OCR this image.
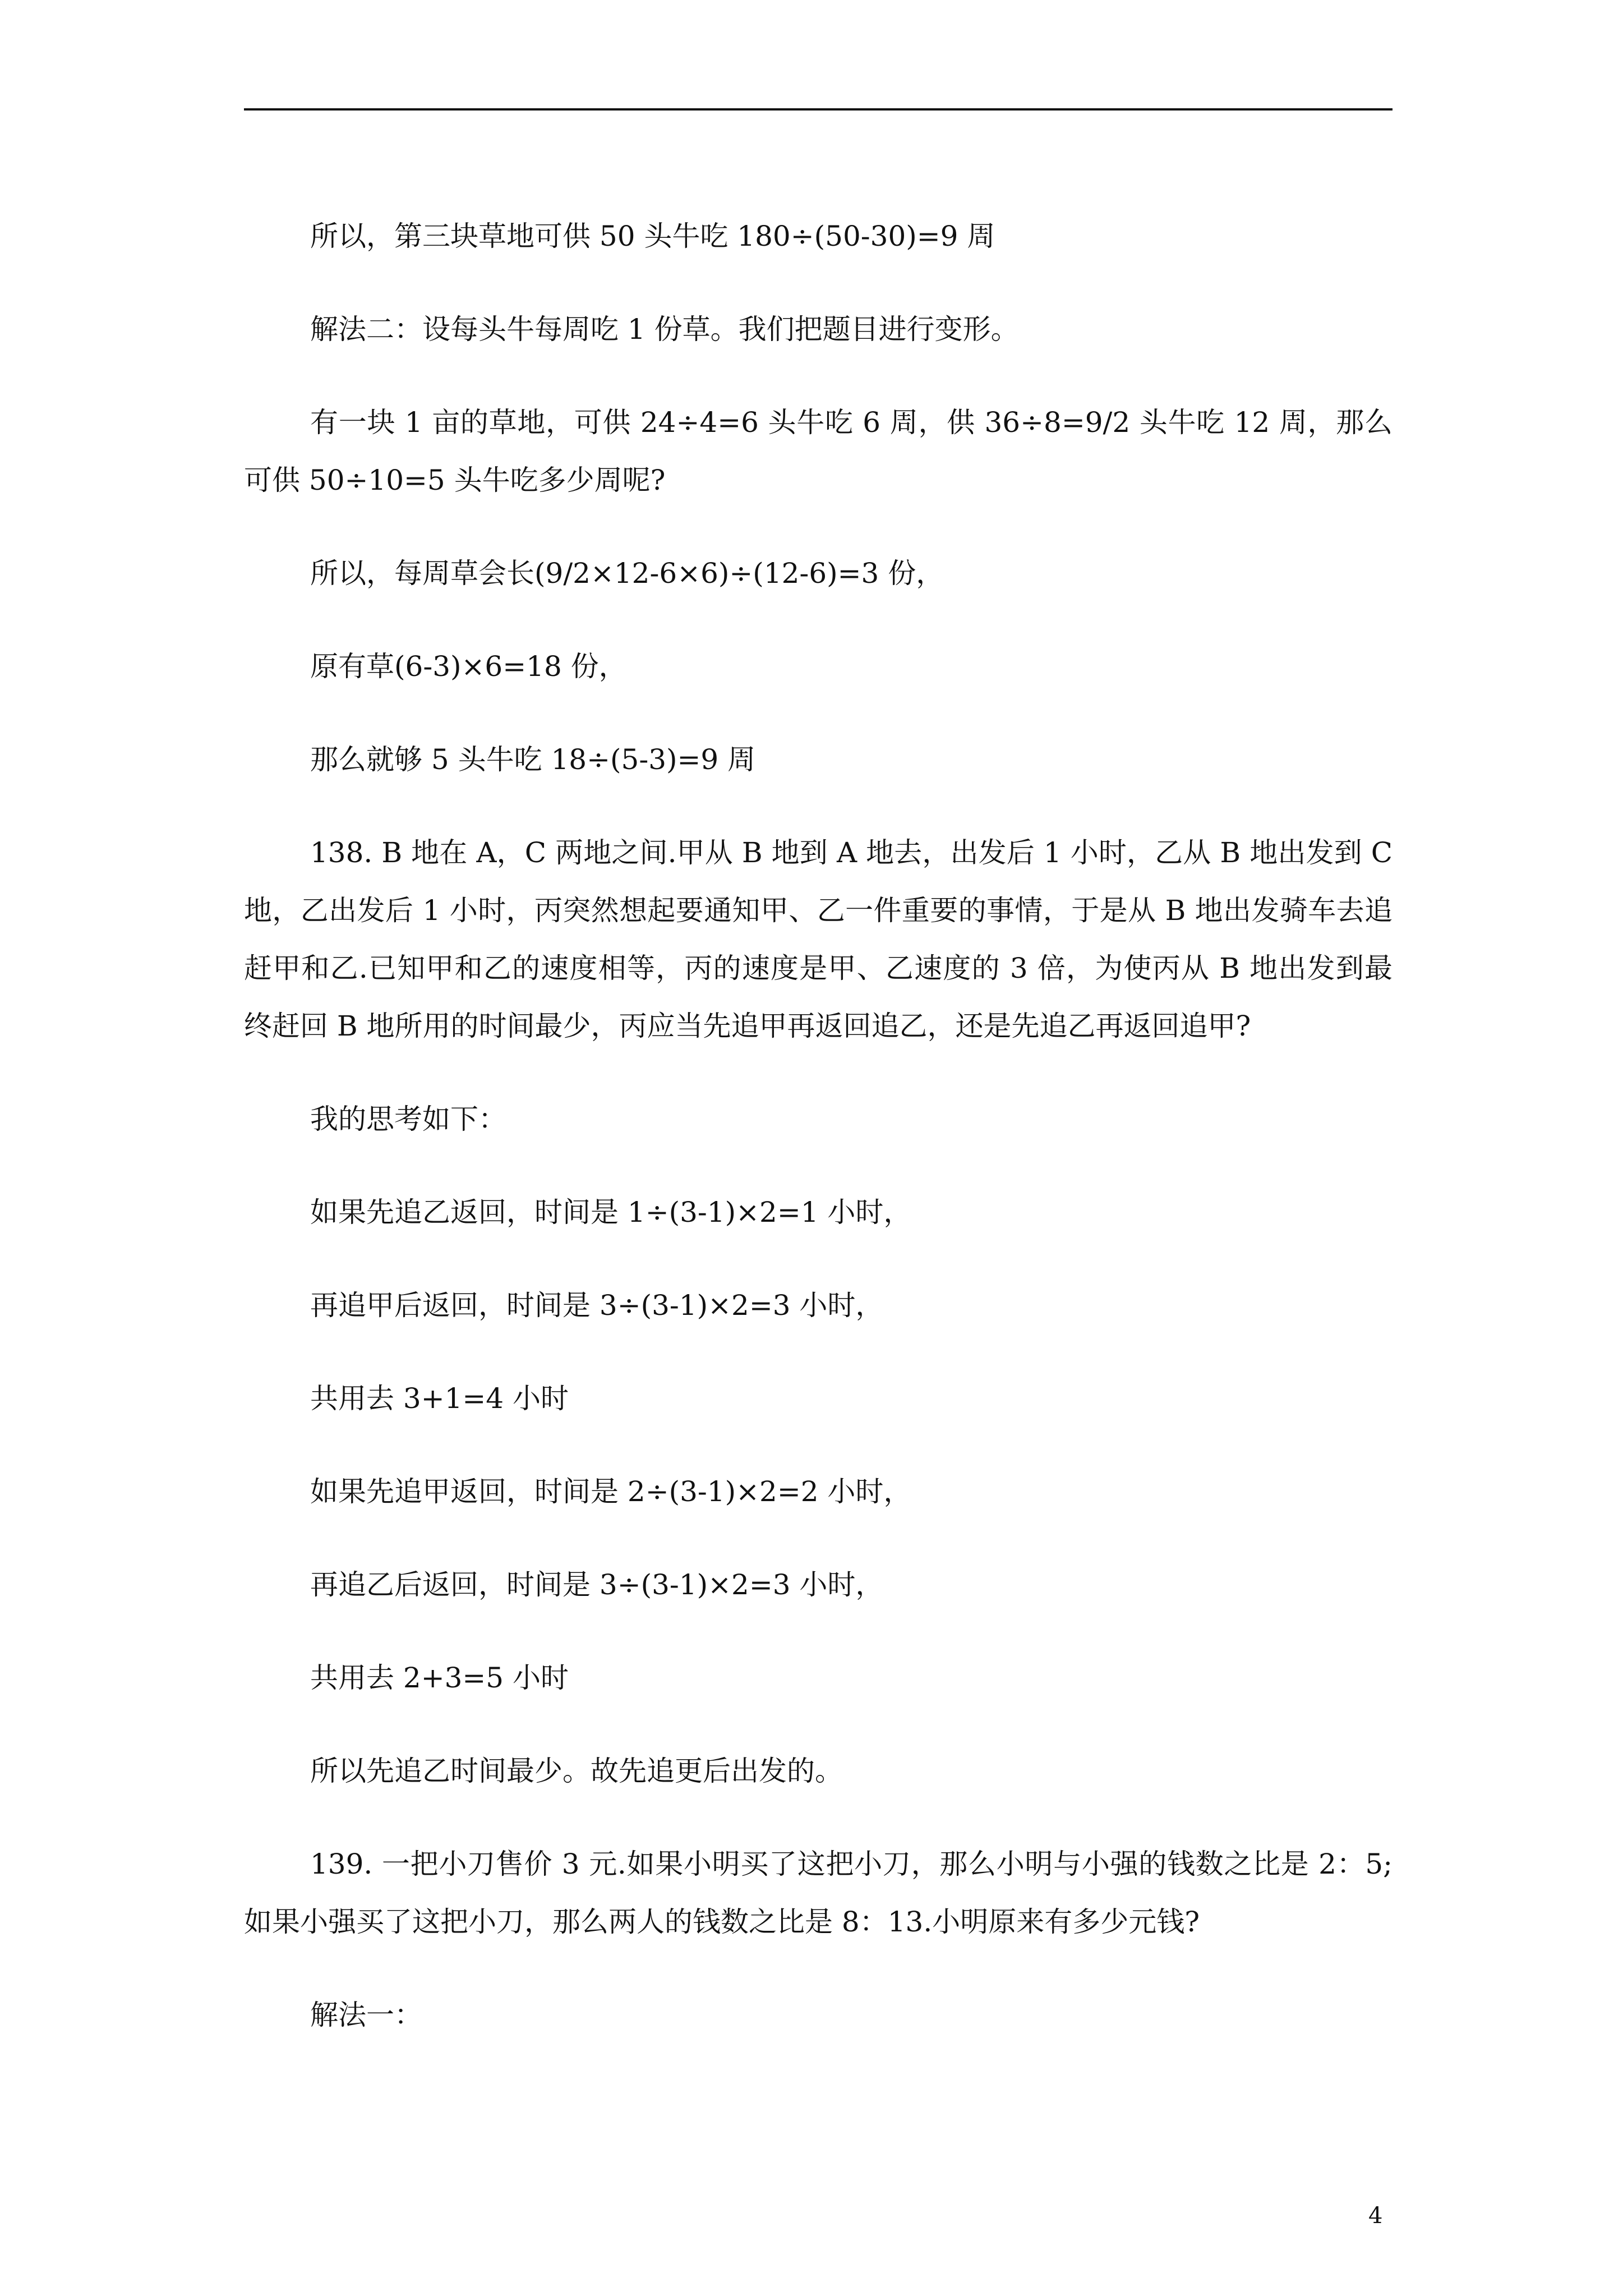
所以，第三块草地可供 50 头牛吃 180÷(50-30)=9 周

解法二：设每头牛每周吃 1 份草。我们把题目进行变形。

有一块 1 亩的草地，可供 24÷4=6 头牛吃 6 周，供 36÷8=9/2 头牛吃 12 周，那么可供 50÷10=5 头牛吃多少周呢?

所以，每周草会长(9/2×12-6×6)÷(12-6)=3 份，

原有草(6-3)×6=18 份，

那么就够 5 头牛吃 18÷(5-3)=9 周

138. B 地在 A，C 两地之间.甲从 B 地到 A 地去，出发后 1 小时，乙从 B 地出发到 C 地，乙出发后 1 小时，丙突然想起要通知甲、乙一件重要的事情，于是从 B 地出发骑车去追赶甲和乙.已知甲和乙的速度相等，丙的速度是甲、乙速度的 3 倍，为使丙从 B 地出发到最终赶回 B 地所用的时间最少，丙应当先追甲再返回追乙，还是先追乙再返回追甲?

我的思考如下：

如果先追乙返回，时间是 1÷(3-1)×2=1 小时，

再追甲后返回，时间是 3÷(3-1)×2=3 小时，

共用去 3+1=4 小时

如果先追甲返回，时间是 2÷(3-1)×2=2 小时，

再追乙后返回，时间是 3÷(3-1)×2=3 小时，

共用去 2+3=5 小时

所以先追乙时间最少。故先追更后出发的。

139. 一把小刀售价 3 元.如果小明买了这把小刀，那么小明与小强的钱数之比是 2：5;如果小强买了这把小刀，那么两人的钱数之比是 8：13.小明原来有多少元钱?

解法一：

4
